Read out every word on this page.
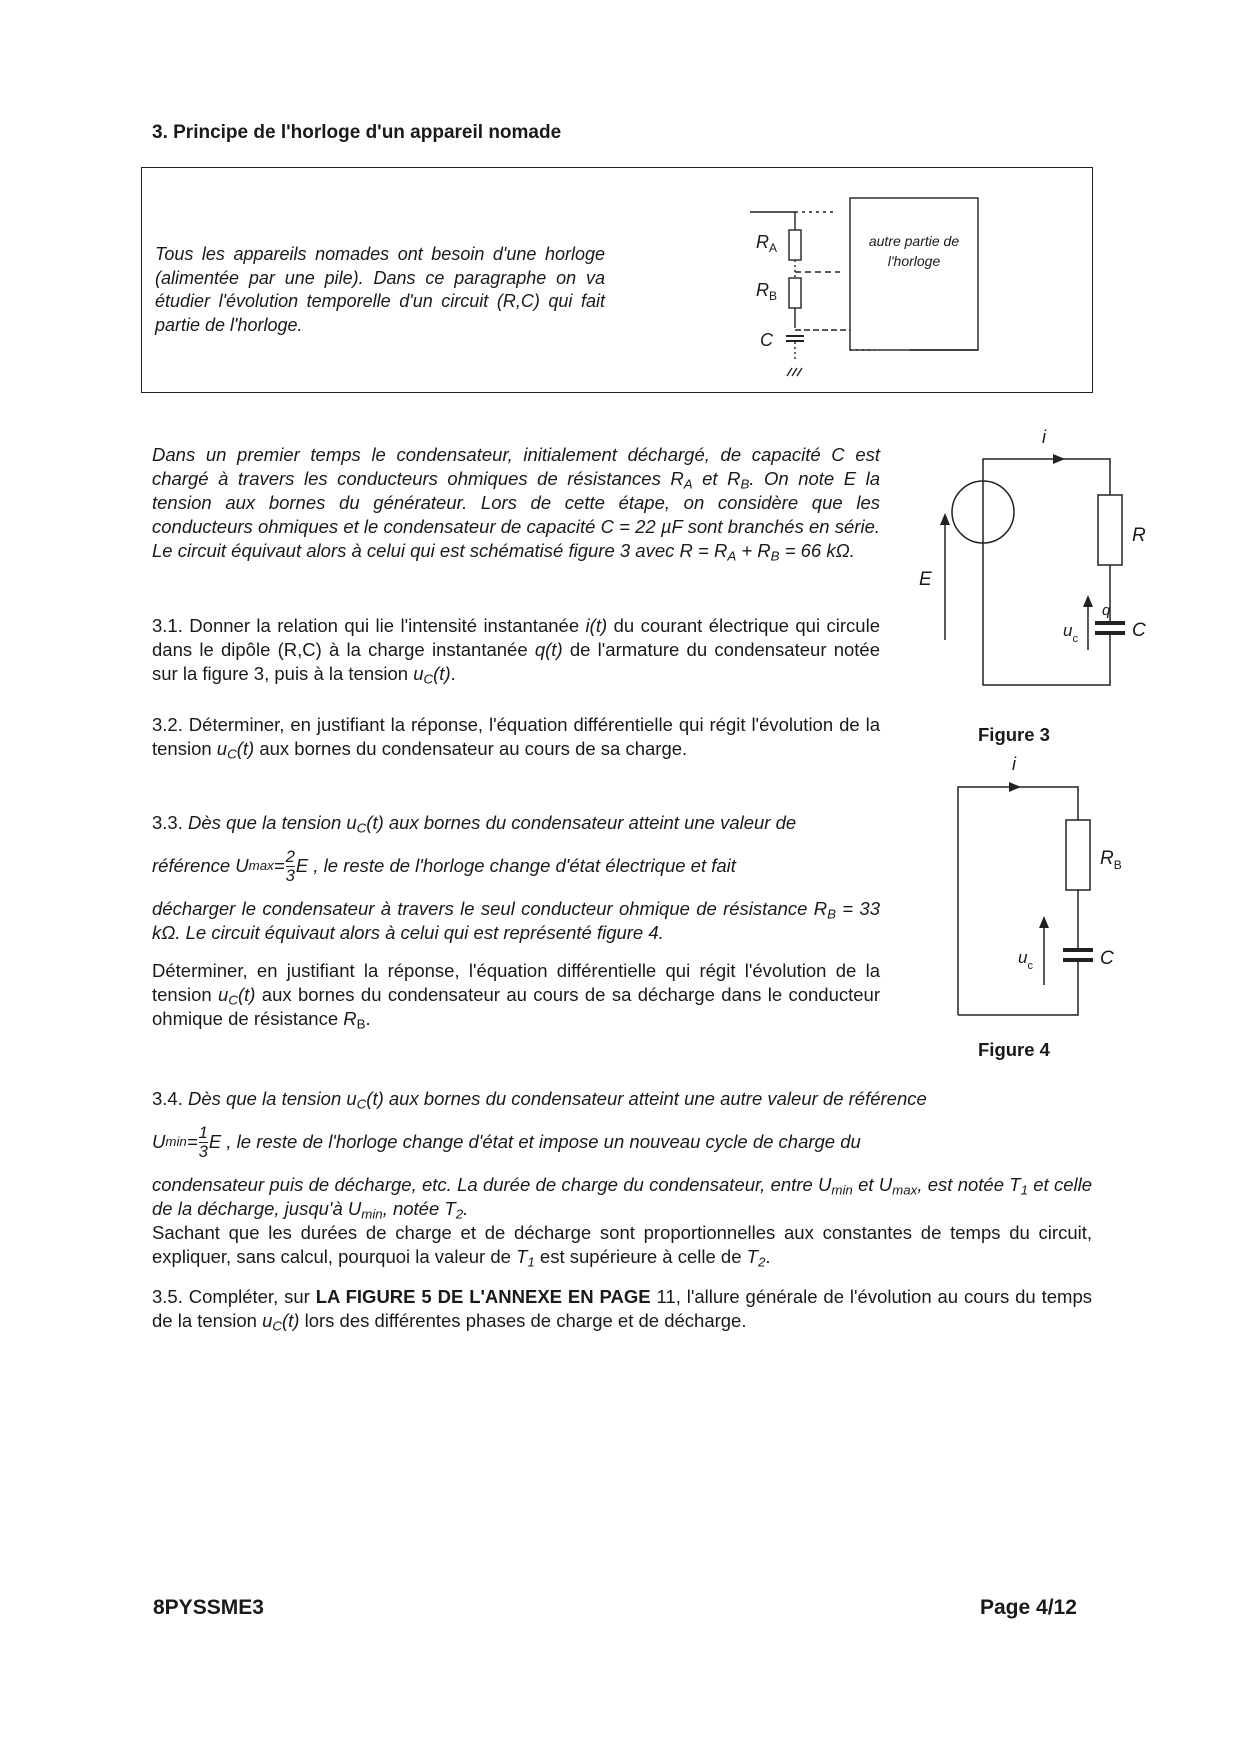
3. Principe de l'horloge d'un appareil nomade
Tous les appareils nomades ont besoin d'une horloge (alimentée par une pile). Dans ce paragraphe on va étudier l'évolution temporelle d'un circuit (R,C) qui fait partie de l'horloge.
autre partie de
l'horloge
$R_A$
$R_B$
C
Dans un premier temps le condensateur, initialement déchargé, de capacité C est chargé à travers les conducteurs ohmiques de résistances $R_A$ et $R_B$. On note E la tension aux bornes du générateur. Lors de cette étape, on considère que les conducteurs ohmiques et le condensateur de capacité C = 22 µF sont branchés en série. Le circuit équivaut alors à celui qui est schématisé figure 3 avec $R = R_A + R_B = 66$ kΩ.
3.1. Donner la relation qui lie l'intensité instantanée i(t) du courant électrique qui circule dans le dipôle (R,C) à la charge instantanée q(t) de l'armature du condensateur notée sur la figure 3, puis à la tension $u_C(t)$.
3.2. Déterminer, en justifiant la réponse, l'équation différentielle qui régit l'évolution de la tension $u_C(t)$ aux bornes du condensateur au cours de sa charge.
3.3. Dès que la tension $u_C(t)$ aux bornes du condensateur atteint une valeur de
référence U $\max = \frac{2}{3}$ E , le reste de l'horloge change d'état électrique et fait
décharger le condensateur à travers le seul conducteur ohmique de résistance $R_B = 33$ kΩ. Le circuit équivaut alors à celui qui est représenté figure 4.
Déterminer, en justifiant la réponse, l'équation différentielle qui régit l'évolution de la tension $u_C(t)$ aux bornes du condensateur au cours de sa décharge dans le conducteur ohmique de résistance $R_B$.
i
E
R
q
$u_c$	C
Figure 3
i
$R_B$
$u_c$	C
Figure 4
3.4. Dès que la tension $u_C(t)$ aux bornes du condensateur atteint une autre valeur de référence
U $\min = \frac{1}{3}$ E , le reste de l'horloge change d'état et impose un nouveau cycle de charge du
condensateur puis de décharge, etc. La durée de charge du condensateur, entre $U_{min}$ et $U_{max}$, est notée $T_1$ et celle de la décharge, jusqu'à $U_{min}$, notée $T_2$.
Sachant que les durées de charge et de décharge sont proportionnelles aux constantes de temps du circuit, expliquer, sans calcul, pourquoi la valeur de $T_1$ est supérieure à celle de $T_2$.
3.5. Compléter, sur LA FIGURE 5 DE L'ANNEXE EN PAGE 11, l'allure générale de l'évolution au cours du temps de la tension $u_C(t)$ lors des différentes phases de charge et de décharge.
8PYSSME3	Page 4/12
